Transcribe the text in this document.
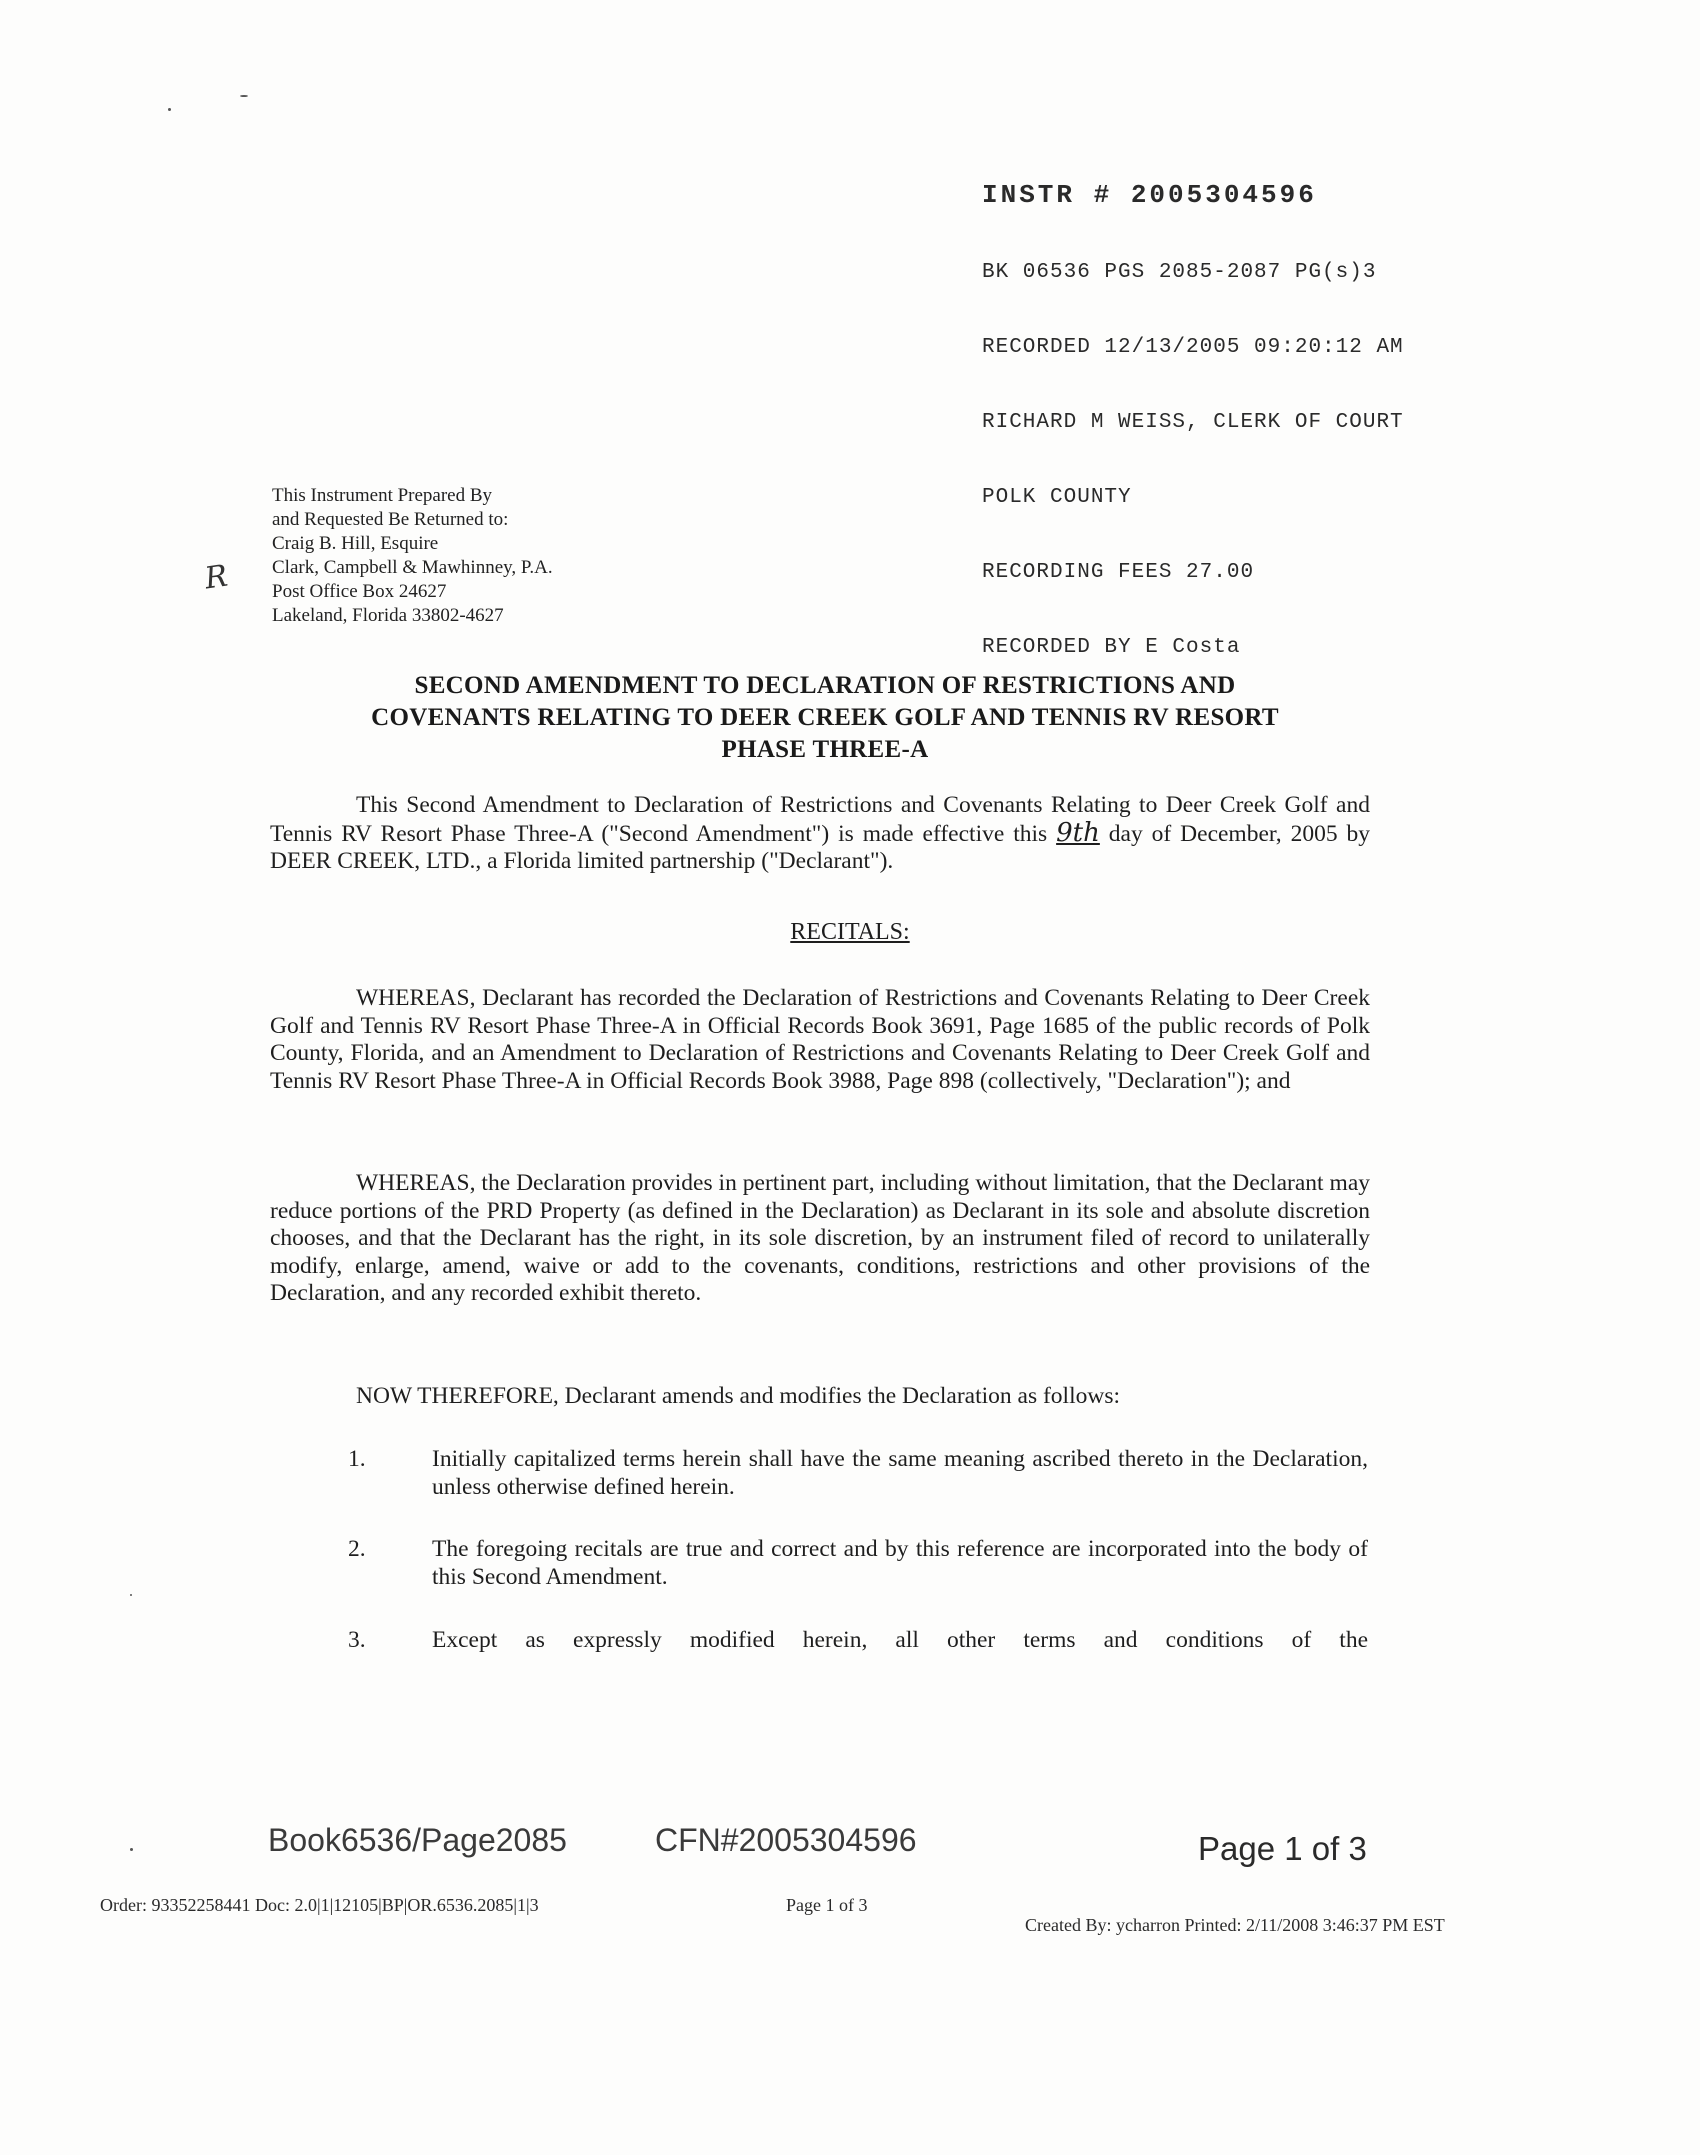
INSTR # 2005304596

BK 06536 PGS 2085-2087 PG(s)3

RECORDED 12/13/2005 09:20:12 AM

RICHARD M WEISS, CLERK OF COURT

POLK COUNTY

RECORDING FEES 27.00

RECORDED BY E Costa

This Instrument Prepared By
and Requested Be Returned to:
Craig B. Hill, Esquire
Clark, Campbell & Mawhinney, P.A.
Post Office Box 24627
Lakeland, Florida 33802-4627
R
SECOND AMENDMENT TO DECLARATION OF RESTRICTIONS AND
COVENANTS RELATING TO DEER CREEK GOLF AND TENNIS RV RESORT
PHASE THREE-A
This Second Amendment to Declaration of Restrictions and Covenants Relating to Deer Creek Golf and Tennis RV Resort Phase Three-A ("Second Amendment") is made effective this 9th day of December, 2005 by DEER CREEK, LTD., a Florida limited partnership ("Declarant").
RECITALS:
WHEREAS, Declarant has recorded the Declaration of Restrictions and Covenants Relating to Deer Creek Golf and Tennis RV Resort Phase Three-A in Official Records Book 3691, Page 1685 of the public records of Polk County, Florida, and an Amendment to Declaration of Restrictions and Covenants Relating to Deer Creek Golf and Tennis RV Resort Phase Three-A in Official Records Book 3988, Page 898 (collectively, "Declaration"); and
WHEREAS, the Declaration provides in pertinent part, including without limitation, that the Declarant may reduce portions of the PRD Property (as defined in the Declaration) as Declarant in its sole and absolute discretion chooses, and that the Declarant has the right, in its sole discretion, by an instrument filed of record to unilaterally modify, enlarge, amend, waive or add to the covenants, conditions, restrictions and other provisions of the Declaration, and any recorded exhibit thereto.
NOW THEREFORE, Declarant amends and modifies the Declaration as follows:
1.	Initially capitalized terms herein shall have the same meaning ascribed thereto in the Declaration, unless otherwise defined herein.
2.	The foregoing recitals are true and correct and by this reference are incorporated into the body of this Second Amendment.
3.	Except as expressly modified herein, all other terms and conditions of the
Book6536/Page2085	CFN#2005304596	Page 1 of 3
Order: 93352258441 Doc: 2.0|1|12105|BP|OR.6536.2085|1|3	Page 1 of 3
Created By: ycharron Printed: 2/11/2008 3:46:37 PM EST
